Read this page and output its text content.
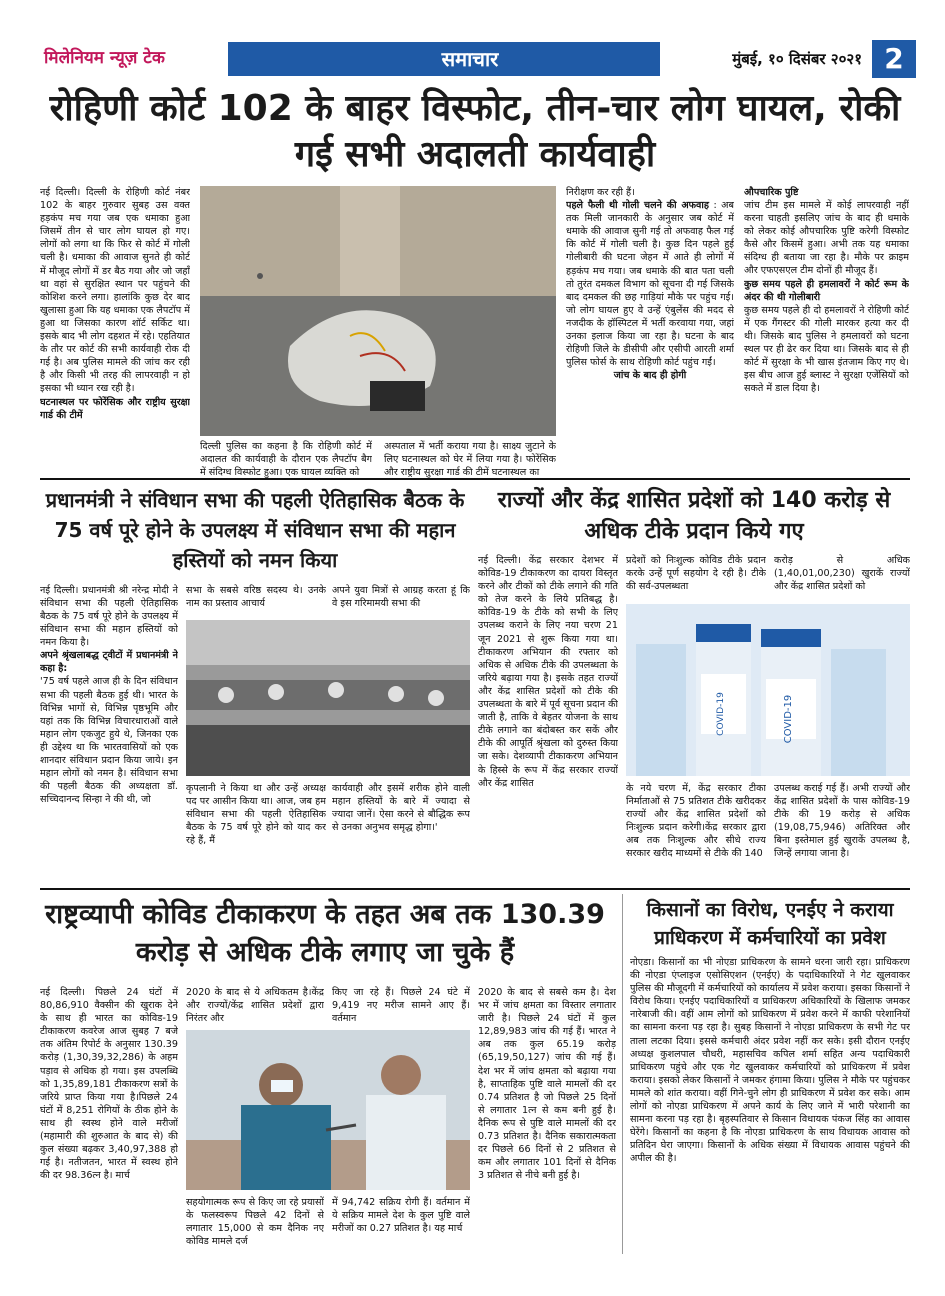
मिलेनियम न्यूज़ टेक	समाचार	मुंबई, १० दिसंबर २०२१ 2
रोहिणी कोर्ट 102 के बाहर विस्फोट, तीन-चार लोग घायल, रोकी गई सभी अदालती कार्यवाही
नई दिल्ली। दिल्ली के रोहिणी कोर्ट नंबर 102 के बाहर गुरुवार सुबह उस वक्त हड़कंप मच गया जब एक धमाका हुआ जिसमें तीन से चार लोग घायल हो गए। लोगों को लगा था कि फिर से कोर्ट में गोली चली है। धमाका की आवाज सुनते ही कोर्ट में मौजूद लोगों में डर बैठ गया और जो जहाँ था वहां से सुरक्षित स्थान पर पहुंचने की कोशिश करने लगा। हालांकि कुछ देर बाद खुलासा हुआ कि यह धमाका एक लैपटॉप में हुआ था जिसका कारण शॉर्ट सर्किट था। इसके बाद भी लोग दहशत में रहे। एहतियात के तौर पर कोर्ट की सभी कार्यवाही रोक दी गई है। अब पुलिस मामले की जांच कर रही है और किसी भी तरह की लापरवाही न हो इसका भी ध्यान रख रही है।
घटनास्थल पर फोरेंसिक और राष्ट्रीय सुरक्षा गार्ड की टीमें
दिल्ली पुलिस का कहना है कि रोहिणी कोर्ट में अदालत की कार्यवाही के दौरान एक लैपटॉप बैग में संदिग्ध विस्फोट हुआ। एक घायल व्यक्ति को
अस्पताल में भर्ती कराया गया है। साक्ष्य जुटाने के लिए घटनास्थल को घेर में लिया गया है। फोरेंसिक और राष्ट्रीय सुरक्षा गार्ड की टीमें घटनास्थल का
निरीक्षण कर रही हैं।
पहले फैली थी गोली चलने की अफवाह : अब तक मिली जानकारी के अनुसार जब कोर्ट में धमाके की आवाज सुनी गई तो अफवाह फैल गई कि कोर्ट में गोली चली है। कुछ दिन पहले हुई गोलीबारी की घटना जेहन में आते ही लोगों में हड़कंप मच गया। जब धमाके की बात पता चली तो तुरंत दमकल विभाग को सूचना दी गई जिसके बाद दमकल की छह गाड़ियां मौके पर पहुंच गई।जो लोग घायल हुए वे उन्हें एंबुलेंस की मदद से नजदीक के हॉस्पिटल में भर्ती करवाया गया, जहां उनका इलाज किया जा रहा है। घटना के बाद रोहिणी जिले के डीसीपी और एसीपी आरती शर्मा पुलिस फोर्स के साथ रोहिणी कोर्ट पहुंच गईं।
जांच के बाद ही होगी
औपचारिक पुष्टि
जांच टीम इस मामले में कोई लापरवाही नहीं करना चाहती इसलिए जांच के बाद ही धमाके को लेकर कोई औपचारिक पुष्टि करेगी विस्फोट कैसे और किसमें हुआ। अभी तक यह धमाका संदिग्ध ही बताया जा रहा है। मौके पर क्राइम और एफएसएल टीम दोनों ही मौजूद हैं।
कुछ समय पहले ही हमलावरों ने कोर्ट रूम के अंदर की थी गोलीबारी
कुछ समय पहले ही दो हमलावरों ने रोहिणी कोर्ट में एक गैंगस्टर की गोली मारकर हत्या कर दी थी। जिसके बाद पुलिस ने हमलावरों को घटना स्थल पर ही ढेर कर दिया था। जिसके बाद से ही कोर्ट में सुरक्षा के भी खास इंतजाम किए गए थे। इस बीच आज हुई ब्लास्ट ने सुरक्षा एजेंसियों को सकते में डाल दिया है।
प्रधानमंत्री ने संविधान सभा की पहली ऐतिहासिक बैठक के 75 वर्ष पूरे होने के उपलक्ष्य में संविधान सभा की महान हस्तियों को नमन किया
नई दिल्ली। प्रधानमंत्री श्री नरेन्द्र मोदी ने संविधान सभा की पहली ऐतिहासिक बैठक के 75 वर्ष पूरे होने के उपलक्ष्य में संविधान सभा की महान हस्तियों को नमन किया है।
अपने श्रृंखलाबद्ध ट्वीटों में प्रधानमंत्री ने कहा है:
'75 वर्ष पहले आज ही के दिन संविधान सभा की पहली बैठक हुई थी। भारत के विभिन्न भागों से, विभिन्न पृष्ठभूमि और यहां तक कि विभिन्न विचारधाराओं वाले महान लोग एकजुट हुये थे, जिनका एक ही उद्देश्य था कि भारतवासियों को एक शानदार संविधान प्रदान किया जाये। इन महान लोगों को नमन है। संविधान सभा की पहली बैठक की अध्यक्षता डॉ. सच्चिदानन्द सिन्हा ने की थी, जो
सभा के सबसे वरिष्ठ सदस्य थे। उनके नाम का प्रस्ताव आचार्य
अपने युवा मित्रों से आग्रह करता हूं कि वे इस गरिमामयी सभा की
कृपलानी ने किया था और उन्हें अध्यक्ष पद पर आसीन किया था। आज, जब हम संविधान सभा की पहली ऐतिहासिक बैठक के 75 वर्ष पूरे होने को याद कर रहे हैं, मैं
कार्यवाही और इसमें शरीक होने वाली महान हस्तियों के बारे में ज्यादा से ज्यादा जानें। ऐसा करने से बौद्धिक रूप से उनका अनुभव समृद्ध होगा।'
राज्यों और केंद्र शासित प्रदेशों को 140 करोड़ से अधिक टीके प्रदान किये गए
नई दिल्ली। केंद्र सरकार देशभर में कोविड-19 टीकाकरण का दायरा विस्तृत करने और टीकों को टीके लगाने की गति को तेज करने के लिये प्रतिबद्ध है। कोविड-19 के टीके को सभी के लिए उपलब्ध कराने के लिए नया चरण 21 जून 2021 से शुरू किया गया था। टीकाकरण अभियान की रफ्तार को अधिक से अधिक टीके की उपलब्धता के जरिये बढ़ाया गया है। इसके तहत राज्यों और केंद्र शासित प्रदेशों को टीके की उपलब्धता के बारे में पूर्व सूचना प्रदान की जाती है, ताकि वे बेहतर योजना के साथ टीके लगाने का बंदोबस्त कर सकें और टीके की आपूर्ति श्रृंखला को दुरुस्त किया जा सके। देशव्यापी टीकाकरण अभियान के हिस्से के रूप में केंद्र सरकार राज्यों और केंद्र शासित
प्रदेशों को निःशुल्क कोविड टीके प्रदान करके उन्हें पूर्ण सहयोग दे रही है। टीके की सर्व-उपलब्धता
करोड़ से अधिक (1,40,01,00,230) खुराकें राज्यों और केंद्र शासित प्रदेशों को
COVID-19	COVID-19
के नये चरण में, केंद्र सरकार टीका निर्माताओं से 75 प्रतिशत टीके खरीदकर राज्यों और केंद्र शासित प्रदेशों को निःशुल्क प्रदान करेगी।केंद्र सरकार द्वारा अब तक निःशुल्क और सीधे राज्य सरकार खरीद माध्यमों से टीके की 140
उपलब्ध कराई गई हैं। अभी राज्यों और केंद्र शासित प्रदेशों के पास कोविड-19 टीके की 19 करोड़ से अधिक (19,08,75,946) अतिरिक्त और बिना इस्तेमाल हुई खुराकें उपलब्ध है, जिन्हें लगाया जाना है।
राष्ट्रव्यापी कोविड टीकाकरण के तहत अब तक 130.39 करोड़ से अधिक टीके लगाए जा चुके हैं
नई दिल्ली। पिछले 24 घंटों में 80,86,910 वैक्सीन की खुराक देने के साथ ही भारत का कोविड-19 टीकाकरण कवरेज आज सुबह 7 बजे तक अंतिम रिपोर्ट के अनुसार 130.39 करोड़ (1,30,39,32,286) के अहम पड़ाव से अधिक हो गया। इस उपलब्धि को 1,35,89,181 टीकाकरण सत्रों के जरिये प्राप्त किया गया है।पिछले 24 घंटों में 8,251 रोगियों के ठीक होने के साथ ही स्वस्थ होने वाले मरीजों (महामारी की शुरुआत के बाद से) की कुल संख्या बढ़कर 3,40,97,388 हो गई है। नतीजतन, भारत में स्वस्थ होने की दर 98.36त्न है। मार्च
2020 के बाद से ये अधिकतम है।केंद्र और राज्यों/केंद्र शासित प्रदेशों द्वारा निरंतर और
किए जा रहे हैं। पिछले 24 घंटे में 9,419 नए मरीज सामने आए हैं।वर्तमान
सहयोगात्मक रूप से किए जा रहे प्रयासों के फलस्वरूप पिछले 42 दिनों से लगातार 15,000 से कम दैनिक नए कोविड मामले दर्ज
में 94,742 सक्रिय रोगी हैं। वर्तमान में ये सक्रिय मामले देश के कुल पुष्टि वाले मरीजों का 0.27 प्रतिशत है। यह मार्च
2020 के बाद से सबसे कम है। देश भर में जांच क्षमता का विस्तार लगातार जारी है। पिछले 24 घंटों में कुल 12,89,983 जांच की गई हैं। भारत ने अब तक कुल 65.19 करोड़ (65,19,50,127) जांच की गई हैं।देश भर में जांच क्षमता को बढ़ाया गया है, साप्ताहिक पुष्टि वाले मामलों की दर 0.74 प्रतिशत है जो पिछले 25 दिनों से लगातार 1त्न से कम बनी हुई है। दैनिक रूप से पुष्टि वाले मामलों की दर 0.73 प्रतिशत है। दैनिक सकारात्मकता दर पिछले 66 दिनों से 2 प्रतिशत से कम और लगातार 101 दिनों से दैनिक 3 प्रतिशत से नीचे बनी हुई है।
किसानों का विरोध, एनईए ने कराया प्राधिकरण में कर्मचारियों का प्रवेश
नोएडा। किसानों का भी नोएडा प्राधिकरण के सामने धरना जारी रहा। प्राधिकरण की नोएडा एंप्लाइज एसोसिएशन (एनईए) के पदाधिकारियों ने गेट खुलवाकर पुलिस की मौजूदगी में कर्मचारियों को कार्यालय में प्रवेश कराया। इसका किसानों ने विरोध किया। एनईए पदाधिकारियों व प्राधिकरण अधिकारियों के खिलाफ जमकर नारेबाजी की। वहीं आम लोगों को प्राधिकरण में प्रवेश करने में काफी परेशानियों का सामना करना पड़ रहा है। सुबह किसानों ने नोएडा प्राधिकरण के सभी गेट पर ताला लटका दिया। इससे कर्मचारी अंदर प्रवेश नहीं कर सके। इसी दौरान एनईए अध्यक्ष कुशलपाल चौधरी, महासचिव कपिल शर्मा सहित अन्य पदाधिकारी प्राधिकरण पहुंचे और एक गेट खुलवाकर कर्मचारियों को प्राधिकरण में प्रवेश कराया। इसको लेकर किसानों ने जमकर हंगामा किया। पुलिस ने मौके पर पहुंचकर मामले को शांत कराया। वहीं गिने-चुने लोग ही प्राधिकरण में प्रवेश कर सके। आम लोगों को नोएडा प्राधिकरण में अपने कार्य के लिए जाने में भारी परेशानी का सामना करना पड़ रहा है। बृहस्पतिवार से किसान विधायक पंकज सिंह का आवास घेरेंगे। किसानों का कहना है कि नोएडा प्राधिकरण के साथ विधायक आवास को प्रतिदिन घेरा जाएगा। किसानों के अधिक संख्या में विधायक आवास पहुंचने की अपील की है।
